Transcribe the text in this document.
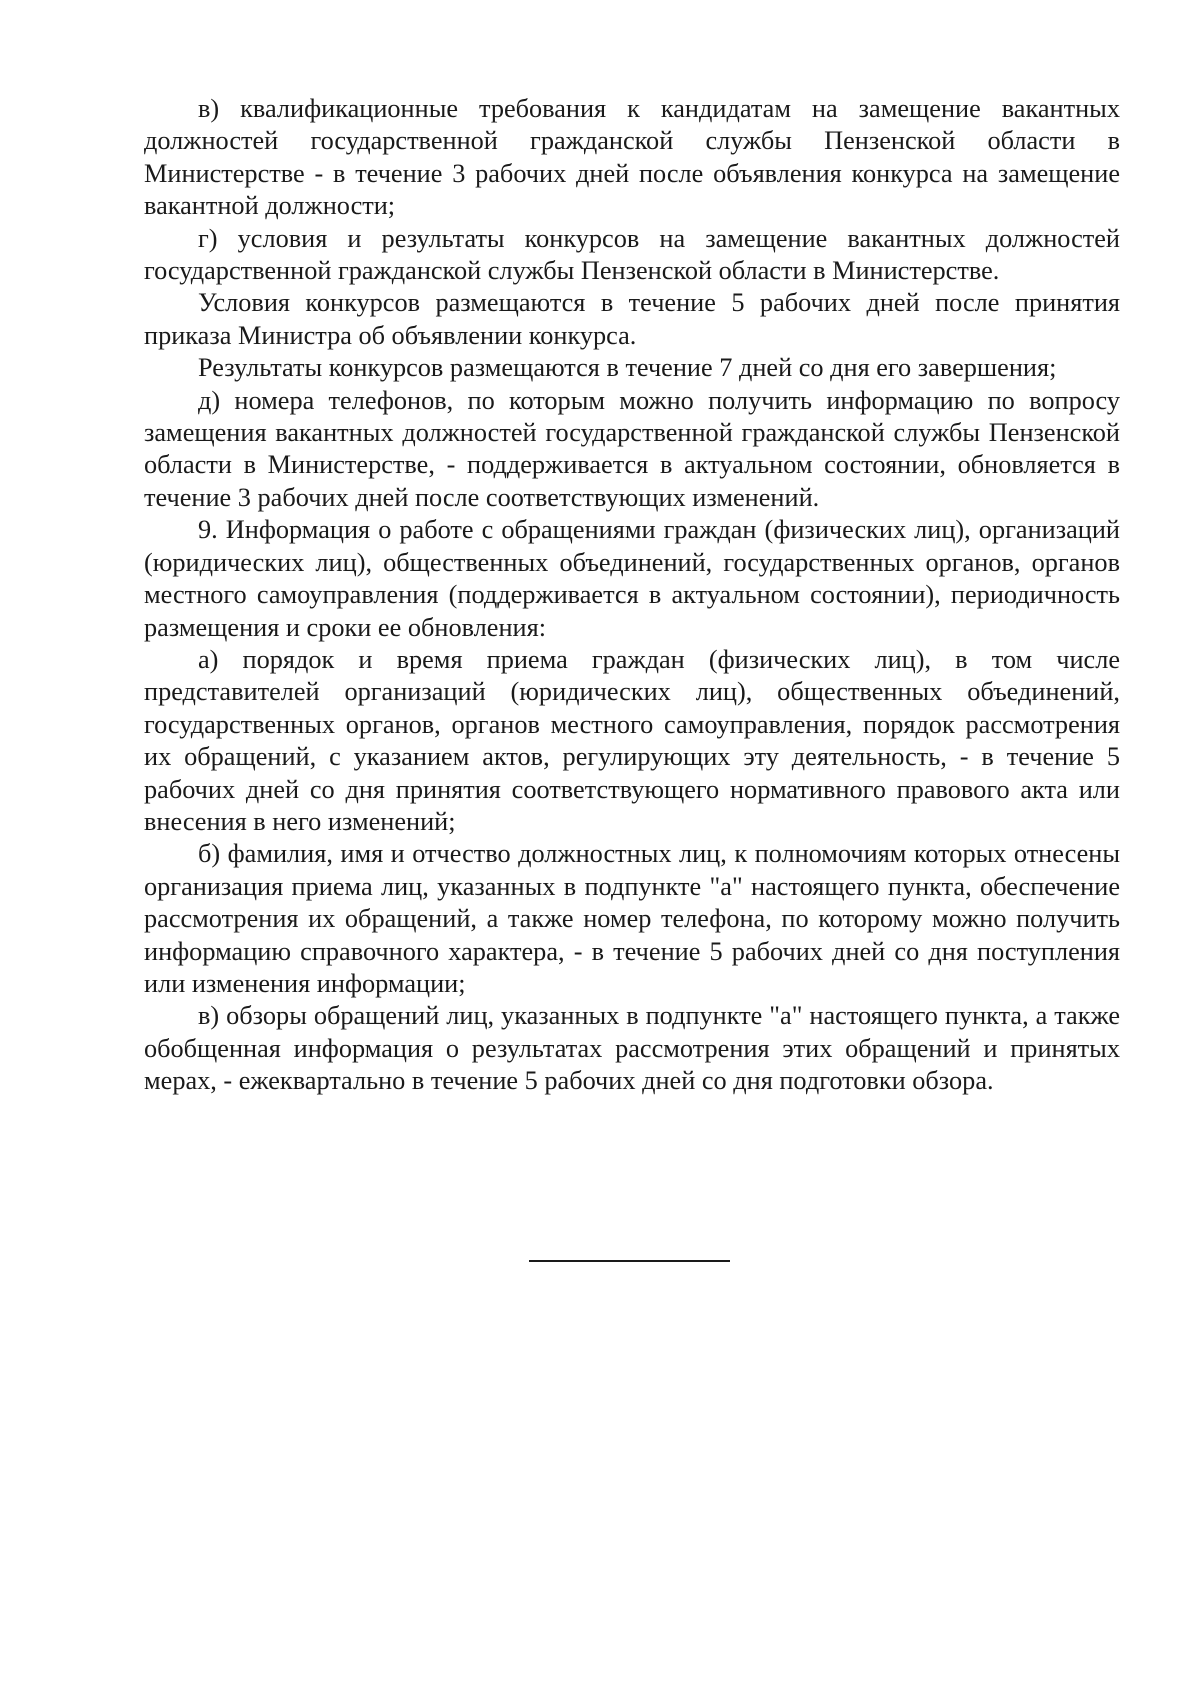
в) квалификационные требования к кандидатам на замещение вакантных должностей государственной гражданской службы Пензенской области в Министерстве - в течение 3 рабочих дней после объявления конкурса на замещение вакантной должности;

г) условия и результаты конкурсов на замещение вакантных должностей государственной гражданской службы Пензенской области в Министерстве.

Условия конкурсов размещаются в течение 5 рабочих дней после принятия приказа Министра об объявлении конкурса.

Результаты конкурсов размещаются в течение 7 дней со дня его завершения;

д) номера телефонов, по которым можно получить информацию по вопросу замещения вакантных должностей государственной гражданской службы Пензенской области в Министерстве, - поддерживается в актуальном состоянии, обновляется в течение 3 рабочих дней после соответствующих изменений.

9. Информация о работе с обращениями граждан (физических лиц), организаций (юридических лиц), общественных объединений, государственных органов, органов местного самоуправления (поддерживается в актуальном состоянии), периодичность размещения и сроки ее обновления:

а) порядок и время приема граждан (физических лиц), в том числе представителей организаций (юридических лиц), общественных объединений, государственных органов, органов местного самоуправления, порядок рассмотрения их обращений, с указанием актов, регулирующих эту деятельность, - в течение 5 рабочих дней со дня принятия соответствующего нормативного правового акта или внесения в него изменений;

б) фамилия, имя и отчество должностных лиц, к полномочиям которых отнесены организация приема лиц, указанных в подпункте "а" настоящего пункта, обеспечение рассмотрения их обращений, а также номер телефона, по которому можно получить информацию справочного характера, - в течение 5 рабочих дней со дня поступления или изменения информации;

в) обзоры обращений лиц, указанных в подпункте "а" настоящего пункта, а также обобщенная информация о результатах рассмотрения этих обращений и принятых мерах, - ежеквартально в течение 5 рабочих дней со дня подготовки обзора.
